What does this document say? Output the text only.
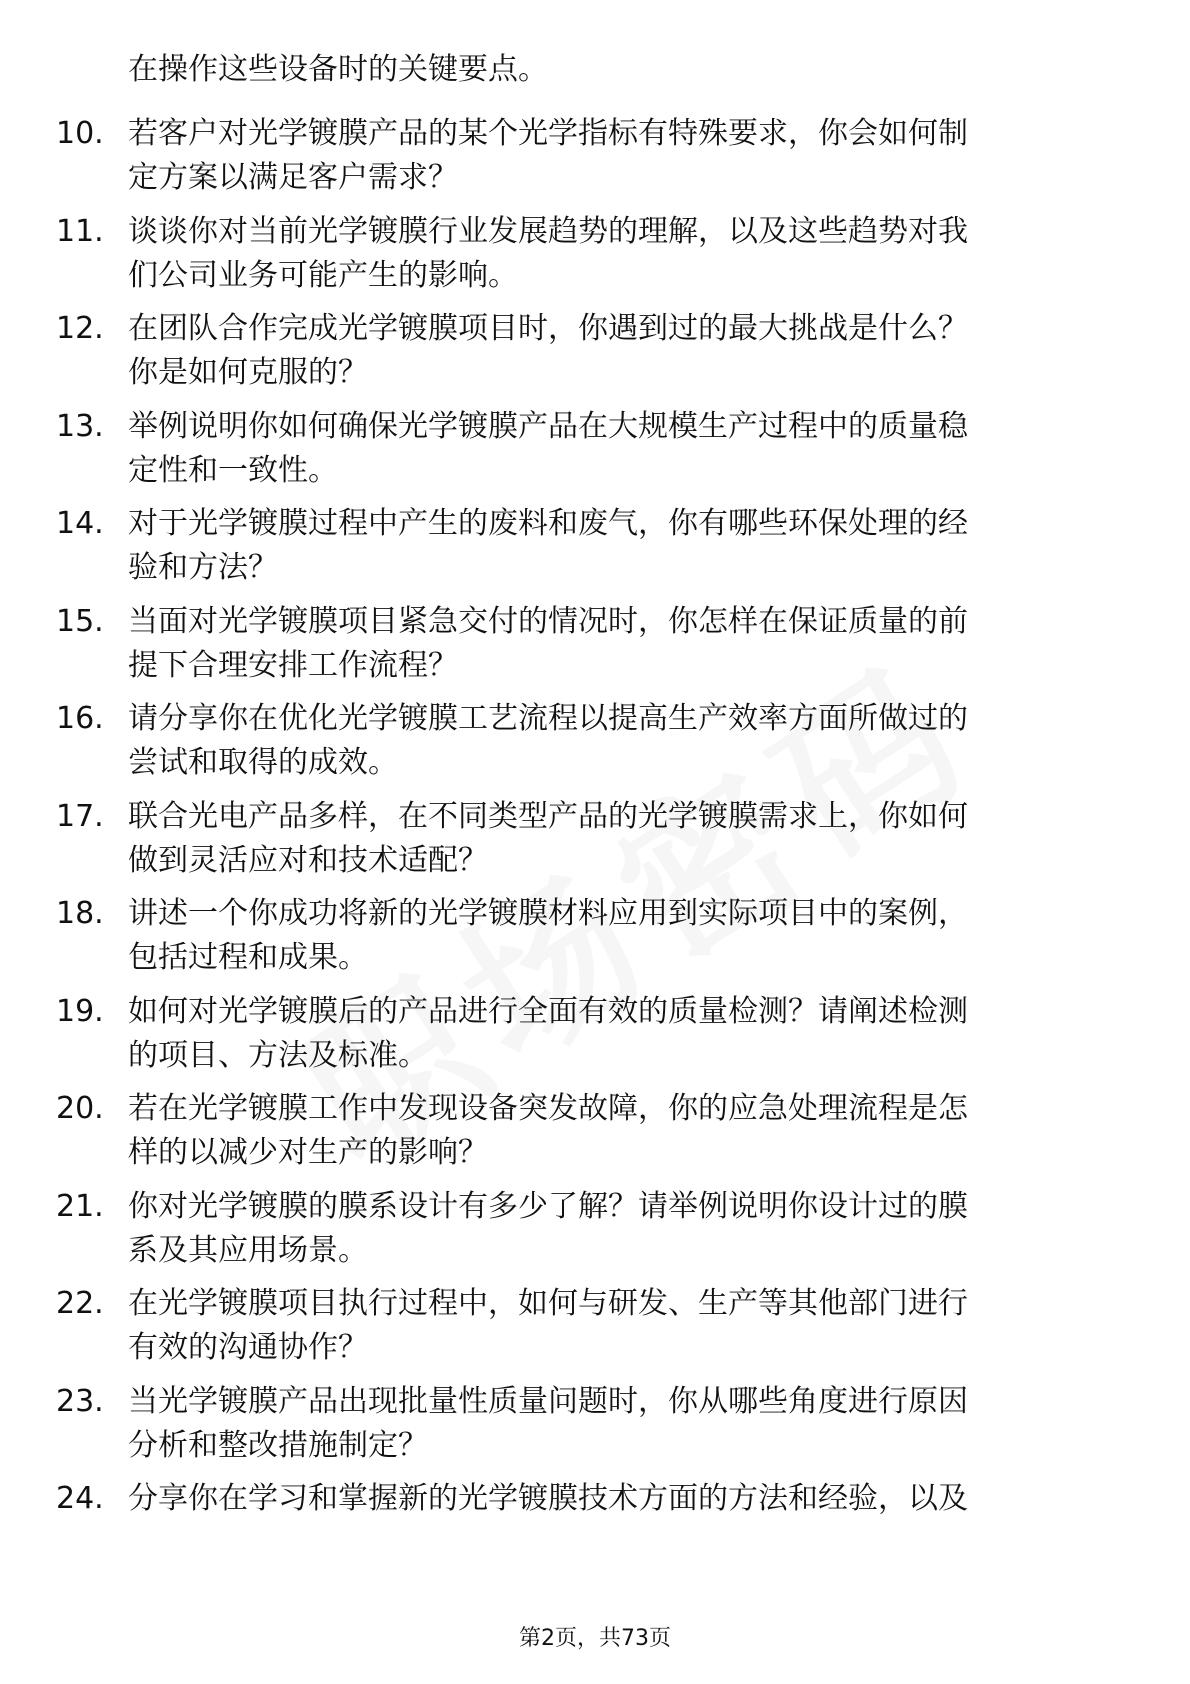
在操作这些设备时的关键要点。
10. 若客户对光学镀膜产品的某个光学指标有特殊要求，你会如何制
定方案以满足客户需求？
11. 谈谈你对当前光学镀膜行业发展趋势的理解，以及这些趋势对我
们公司业务可能产生的影响。
12. 在团队合作完成光学镀膜项目时，你遇到过的最大挑战是什么？
你是如何克服的？
13. 举例说明你如何确保光学镀膜产品在大规模生产过程中的质量稳
定性和一致性。
14. 对于光学镀膜过程中产生的废料和废气，你有哪些环保处理的经
验和方法？
15. 当面对光学镀膜项目紧急交付的情况时，你怎样在保证质量的前
提下合理安排工作流程？
16. 请分享你在优化光学镀膜工艺流程以提高生产效率方面所做过的
尝试和取得的成效。
17. 联合光电产品多样，在不同类型产品的光学镀膜需求上，你如何
做到灵活应对和技术适配？
18. 讲述一个你成功将新的光学镀膜材料应用到实际项目中的案例，
包括过程和成果。
19. 如何对光学镀膜后的产品进行全面有效的质量检测？请阐述检测
的项目、方法及标准。
20. 若在光学镀膜工作中发现设备突发故障，你的应急处理流程是怎
样的以减少对生产的影响？
21. 你对光学镀膜的膜系设计有多少了解？请举例说明你设计过的膜
系及其应用场景。
22. 在光学镀膜项目执行过程中，如何与研发、生产等其他部门进行
有效的沟通协作？
23. 当光学镀膜产品出现批量性质量问题时，你从哪些角度进行原因
分析和整改措施制定？
24. 分享你在学习和掌握新的光学镀膜技术方面的方法和经验，以及
第2页，共73页
